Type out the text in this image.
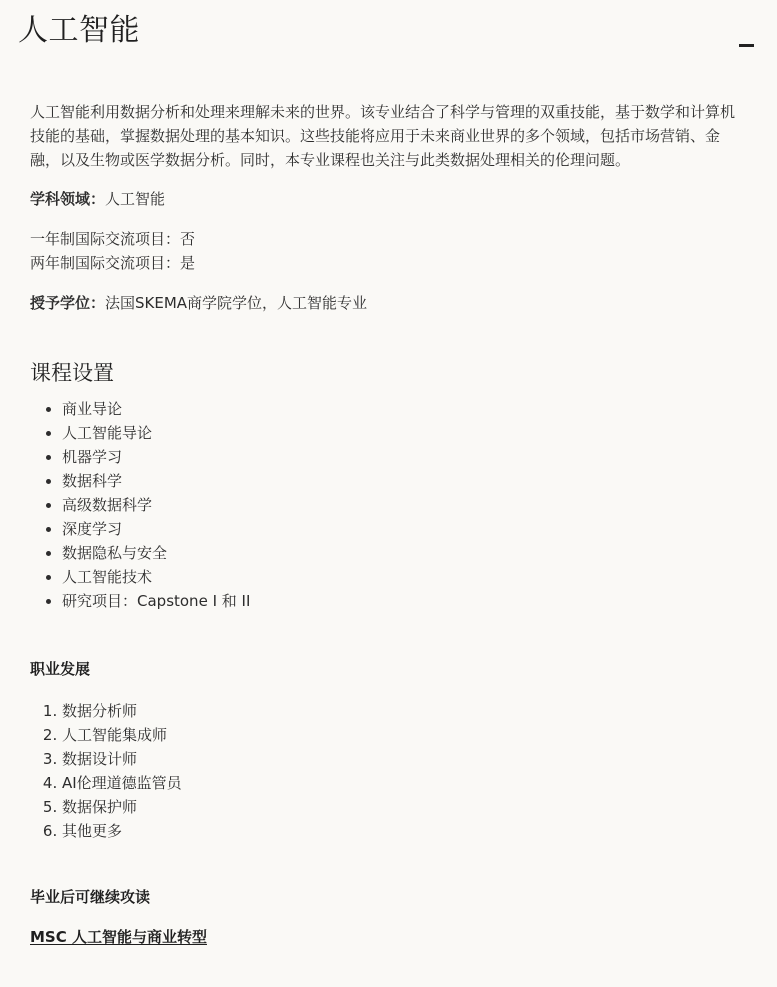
人工智能

人工智能利用数据分析和处理来理解未来的世界。该专业结合了科学与管理的双重技能，基于数学和计算机技能的基础，掌握数据处理的基本知识。这些技能将应用于未来商业世界的多个领域，包括市场营销、金融，以及生物或医学数据分析。同时，本专业课程也关注与此类数据处理相关的伦理问题。

学科领域：人工智能

一年制国际交流项目：否
两年制国际交流项目：是

授予学位：法国SKEMA商学院学位，人工智能专业

课程设置
• 商业导论
• 人工智能导论
• 机器学习
• 数据科学
• 高级数据科学
• 深度学习
• 数据隐私与安全
• 人工智能技术
• 研究项目：Capstone I 和 II
职业发展
1. 数据分析师
2. 人工智能集成师
3. 数据设计师
4. AI伦理道德监管员
5. 数据保护师
6. 其他更多
毕业后可继续攻读
MSC 人工智能与商业转型
